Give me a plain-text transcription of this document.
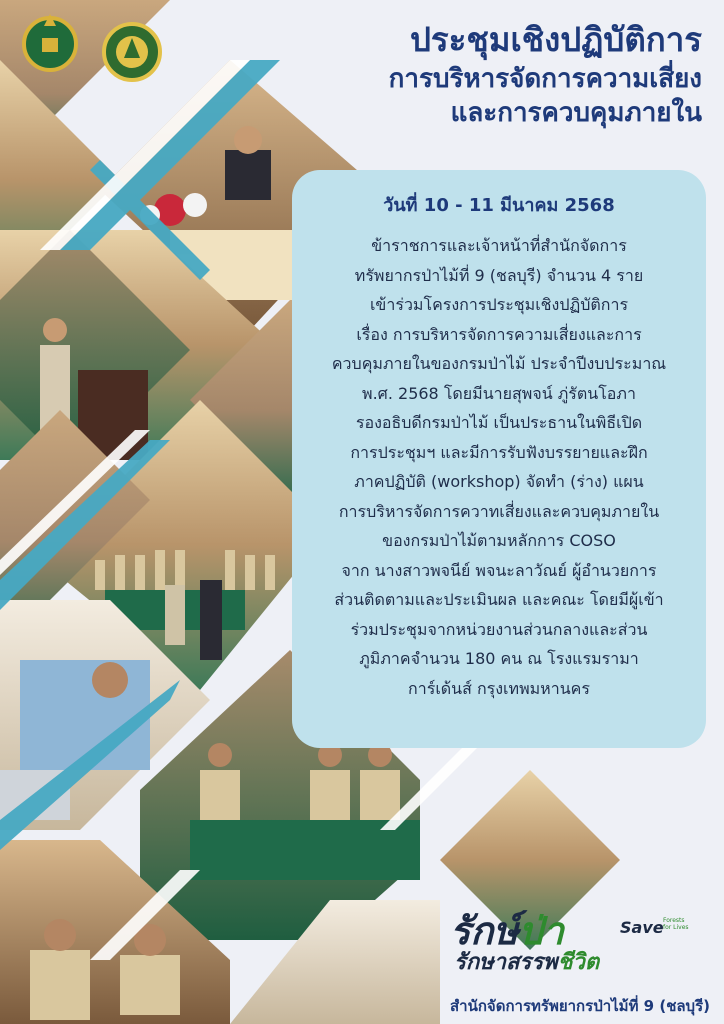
ประชุมเชิงปฏิบัติการ
การบริหารจัดการความเสี่ยง
และการควบคุมภายใน
วันที่ 10 - 11 มีนาคม 2568
ข้าราชการและเจ้าหน้าที่สำนักจัดการ
ทรัพยากรป่าไม้ที่ 9 (ชลบุรี) จำนวน 4 ราย
เข้าร่วมโครงการประชุมเชิงปฏิบัติการ
เรื่อง การบริหารจัดการความเสี่ยงและการ
ควบคุมภายในของกรมป่าไม้ ประจำปีงบประมาณ
พ.ศ. 2568 โดยมีนายสุพจน์ ภู่รัตนโอภา
รองอธิบดีกรมป่าไม้ เป็นประธานในพิธีเปิด
การประชุมฯ และมีการรับฟังบรรยายและฝึก
ภาคปฏิบัติ (workshop) จัดทำ (ร่าง) แผน
การบริหารจัดการควาทเสี่ยงและควบคุมภายใน
ของกรมป่าไม้ตามหลักการ COSO
จาก นางสาวพจนีย์ พจนะลาวัณย์ ผู้อำนวยการ
ส่วนติดตามและประเมินผล และคณะ โดยมีผู้เข้า
ร่วมประชุมจากหน่วยงานส่วนกลางและส่วน
ภูมิภาคจำนวน 180 คน ณ โรงแรมรามา
การ์เด้นส์ กรุงเทพมหานคร
รักษ์ป่า	Save Forests for Lives
รักษาสรรพชีวิต
สำนักจัดการทรัพยากรป่าไม้ที่ 9 (ชลบุรี)
